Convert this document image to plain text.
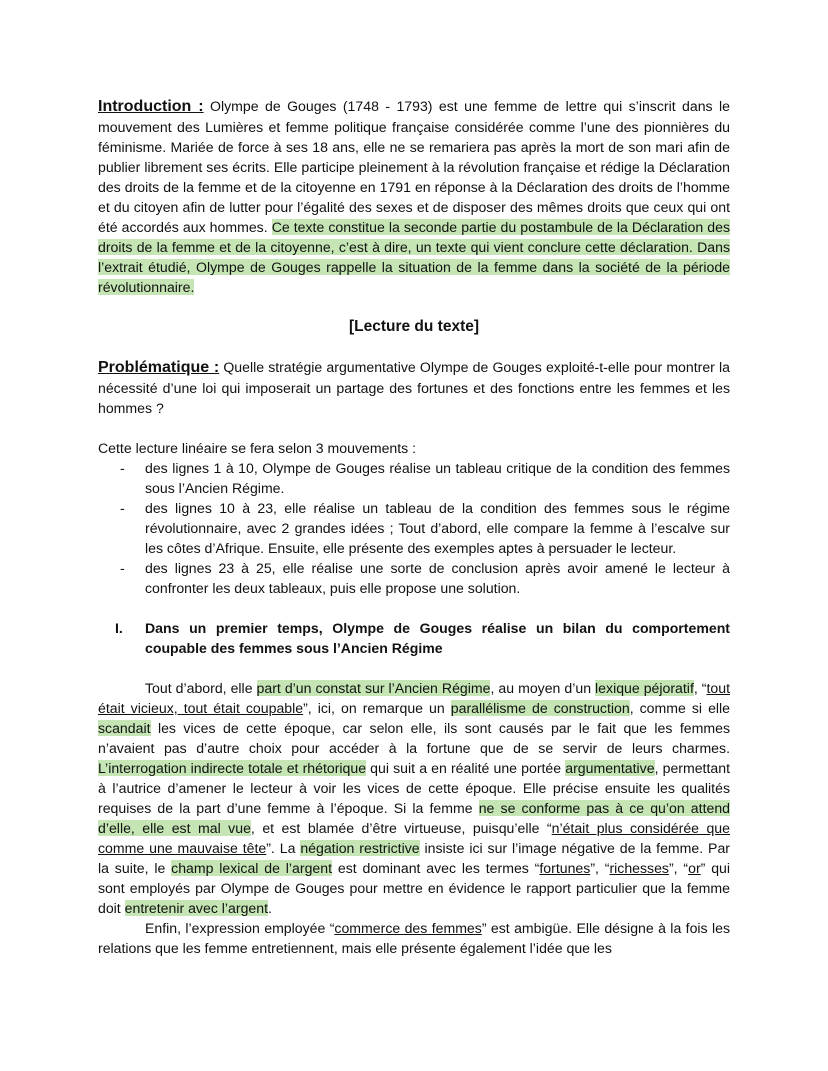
Introduction : Olympe de Gouges (1748 - 1793) est une femme de lettre qui s’inscrit dans le mouvement des Lumières et femme politique française considérée comme l’une des pionnières du féminisme. Mariée de force à ses 18 ans, elle ne se remariera pas après la mort de son mari afin de publier librement ses écrits. Elle participe pleinement à la révolution française et rédige la Déclaration des droits de la femme et de la citoyenne en 1791 en réponse à la Déclaration des droits de l’homme et du citoyen afin de lutter pour l’égalité des sexes et de disposer des mêmes droits que ceux qui ont été accordés aux hommes. Ce texte constitue la seconde partie du postambule de la Déclaration des droits de la femme et de la citoyenne, c’est à dire, un texte qui vient conclure cette déclaration. Dans l’extrait étudié, Olympe de Gouges rappelle la situation de la femme dans la société de la période révolutionnaire.

[Lecture du texte]

Problématique : Quelle stratégie argumentative Olympe de Gouges exploité-t-elle pour montrer la nécessité d’une loi qui imposerait un partage des fortunes et des fonctions entre les femmes et les hommes ?

Cette lecture linéaire se fera selon 3 mouvements :

- des lignes 1 à 10, Olympe de Gouges réalise un tableau critique de la condition des femmes sous l’Ancien Régime.
- des lignes 10 à 23, elle réalise un tableau de la condition des femmes sous le régime révolutionnaire, avec 2 grandes idées ; Tout d’abord, elle compare la femme à l’escalve sur les côtes d’Afrique. Ensuite, elle présente des exemples aptes à persuader le lecteur.
- des lignes 23 à 25, elle réalise une sorte de conclusion après avoir amené le lecteur à confronter les deux tableaux, puis elle propose une solution.
I. Dans un premier temps, Olympe de Gouges réalise un bilan du comportement coupable des femmes sous l’Ancien Régime

Tout d’abord, elle part d’un constat sur l’Ancien Régime, au moyen d’un lexique péjoratif, “tout était vicieux, tout était coupable”, ici, on remarque un parallélisme de construction, comme si elle scandait les vices de cette époque, car selon elle, ils sont causés par le fait que les femmes n’avaient pas d’autre choix pour accéder à la fortune que de se servir de leurs charmes. L’interrogation indirecte totale et rhétorique qui suit a en réalité une portée argumentative, permettant à l’autrice d’amener le lecteur à voir les vices de cette époque. Elle précise ensuite les qualités requises de la part d’une femme à l’époque. Si la femme ne se conforme pas à ce qu’on attend d’elle, elle est mal vue, et est blamée d’être virtueuse, puisqu’elle “n’était plus considérée que comme une mauvaise tête”. La négation restrictive insiste ici sur l’image négative de la femme. Par la suite, le champ lexical de l’argent est dominant avec les termes “fortunes”, “richesses”, “or” qui sont employés par Olympe de Gouges pour mettre en évidence le rapport particulier que la femme doit entretenir avec l’argent.

Enfin, l’expression employée “commerce des femmes” est ambigüe. Elle désigne à la fois les relations que les femme entretiennent, mais elle présente également l’idée que les
